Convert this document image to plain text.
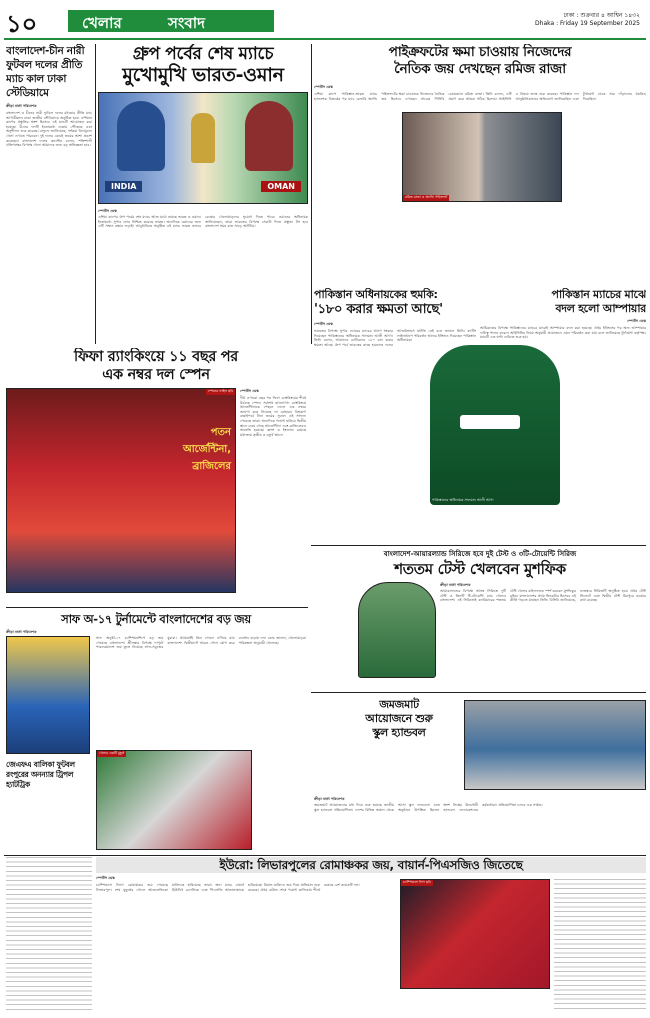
১০	খেলার	সংবাদ	ঢাকা : শুক্রবার ৪ আশ্বিন ১৪৩২
Dhaka : Friday 19 September 2025
বাংলাদেশ-চীন নারী ফুটবল দলের প্রীতি ম্যাচ কাল ঢাকা স্টেডিয়ামে
ক্রীড়া বার্তা পরিবেশক
বাংলাদেশ ও চীনের নারী ফুটবল দলের মধ্যকার প্রীতি ম্যাচ আগামীকাল ঢাকা জাতীয় স্টেডিয়ামে অনুষ্ঠিত হবে। এশিয়ান কাপের প্রস্তুতির অংশ হিসেবে এই ম্যাচটি আয়োজন করা হয়েছে। চীনের দলটি ইতোমধ্যে ঢাকায় পৌঁছেছে এবং অনুশীলন শুরু করেছে। বাফুফে জানিয়েছে, দর্শকরা বিনামূল্যে খেলা দেখতে পারবেন। দুই দলের কোচই জয়ের আশা প্রকাশ করেছেন। বাংলাদেশ দলের ক্যাপ্টেন বলেন, শক্তিশালী প্রতিপক্ষের বিপক্ষে খেলা আমাদের জন্য বড় অভিজ্ঞতা হবে।
গ্রুপ পর্বের শেষ ম্যাচে
মুখোমুখি ভারত-ওমান
INDIA	OMAN
স্পোর্টস ডেস্ক
এশিয়া কাপের গ্রুপ পর্বের শেষ ম্যাচে আজ মাঠে নামছে ভারত ও ওমান। ইতোমধ্যে সুপার ফোর নিশ্চিত করেছে ভারত। অন্যদিকে ওমানের জন্য এটি সম্মান রক্ষার লড়াই। আবুধাবিতে অনুষ্ঠিত এই ম্যাচে ভারত তাদের বেঞ্চের খেলোয়াড়দের সুযোগ দিতে পারে। ওমানের অধিনায়ক জানিয়েছেন, তারা ভারতের বিপক্ষে সেরাটা দিতে প্রস্তুত। টস হবে বাংলাদেশ সময় রাত সাড়ে আটটায়।
পাইক্রফটের ক্ষমা চাওয়ায় নিজেদের
নৈতিক জয় দেখছেন রমিজ রাজা
স্পোর্টস ডেস্ক
এশিয়া কাপে পাকিস্তান-ভারত ম্যাচে হ্যান্ডশেক বিতর্কের পর ম্যাচ রেফারি অ্যান্ডি পাইক্রফটের ক্ষমা চাওয়াকে নিজেদের নৈতিক জয় হিসেবে দেখছেন সাবেক পিসিবি চেয়ারম্যান রমিজ রাজা। তিনি বলেন, এটি প্রমাণ করে আমরা সঠিক ছিলাম। আইসিসি এ বিষয়ে তদন্ত শুরু করেছে। পাকিস্তান দল আনুষ্ঠানিকভাবে অভিযোগ জানিয়েছিল এবং টুর্নামেন্ট থেকে সরে দাঁড়ানোর হুমকিও দিয়েছিল।
রমিজ রাজা ও অ্যান্ডি পাইক্রফট
পাকিস্তান অধিনায়কের হুমকি:
'১৮০ করার ক্ষমতা আছে'
স্পোর্টস ডেস্ক
ভারতের বিপক্ষে সুপার ফোরের ম্যাচের আগে হুংকার দিয়েছেন পাকিস্তানের অধিনায়ক সালমান আলী আগা। তিনি বলেন, আমাদের ব্যাটারদের ১৮০ রান করার ক্ষমতা আছে। গ্রুপ পর্বে ভারতের কাছে হারলেও দলের আত্মবিশ্বাসে ঘাটতি নেই বলে জানান তিনি। ব্যাটিং লাইনআপে পরিবর্তন আনার ইঙ্গিতও দিয়েছেন পাকিস্তান অধিনায়ক।
পাকিস্তান ম্যাচের মাঝে
বদল হলো আম্পায়ার
স্পোর্টস ডেস্ক
আমিরাতের বিপক্ষে পাকিস্তানের ম্যাচের মাঝেই আম্পায়ার বদল করা হয়েছে। প্রথম ইনিংসের পর অন্য আম্পায়ার দায়িত্ব পালন করেন। আইসিসির নিয়ম অনুযায়ী প্রয়োজনে এমন পরিবর্তন করা যায় বলে জানিয়েছে টুর্নামেন্ট কর্তৃপক্ষ। ম্যাচটি এক ঘণ্টা দেরিতে শুরু হয়।
পাকিস্তানের অধিনায়ক সালমান আলী আগা
ফিফা র‍্যাংকিংয়ে ১১ বছর পর
এক নম্বর দল স্পেন
স্পেনের ফাইল ছবি
পতন
আর্জেন্টিনা,
ব্রাজিলের
স্পোর্টস ডেস্ক
দীর্ঘ এগারো বছর পর ফিফা র‍্যাংকিংয়ের শীর্ষে উঠেছে স্পেন। সর্বশেষ হালনাগাদ র‍্যাংকিংয়ে আর্জেন্টিনাকে পেছনে ফেলে এক নম্বরে জায়গা করে নিয়েছে লা রোহারা। বিশ্বকাপ বাছাইপর্বে টানা জয়ের সুবাদে এই সাফল্য পেয়েছে তারা। অন্যদিকে পয়েন্ট হারিয়ে দ্বিতীয় স্থানে নেমে গেছে আর্জেন্টিনা এবং ব্রাজিলেরও অবনতি হয়েছে। ফ্রান্স ও ইংল্যান্ড রয়েছে যথাক্রমে তৃতীয় ও চতুর্থ স্থানে।
বাংলাদেশ-আয়ারল্যান্ড সিরিজে হবে দুই টেস্ট ও ৩টি-টোয়েন্টি সিরিজ
শততম টেস্ট খেলবেন মুশফিক
ক্রীড়া বার্তা পরিবেশক
আয়ারল্যান্ডের বিপক্ষে আসন্ন সিরিজে দুটি টেস্ট ও তিনটি টি-টোয়েন্টি ম্যাচ খেলবে বাংলাদেশ। এই সিরিজেই ক্যারিয়ারের শততম টেস্ট খেলার মাইলফলক স্পর্শ করবেন মুশফিকুর রহিম। বাংলাদেশের প্রথম ক্রিকেটার হিসেবে এই কীর্তি গড়তে যাচ্ছেন তিনি। বিসিবি জানিয়েছে, নভেম্বরে সিরিজটি অনুষ্ঠিত হবে। প্রথম টেস্ট সিলেটে এবং দ্বিতীয় টেস্ট মিরপুরে হওয়ার কথা রয়েছে।
সাফ অ-১৭ টুর্নামেন্টে বাংলাদেশের বড় জয়
ক্রীড়া বার্তা পরিবেশক
জেএফএ বালিকা ফুটবল রংপুরের অনন্যার ট্রিপল হ্যাটট্রিক
সাফ অনূর্ধ্ব-১৭ চ্যাম্পিয়নশিপে বড় জয় পেয়েছে বাংলাদেশ। শ্রীলঙ্কার বিপক্ষে দাপুটে পারফরম্যান্সে জয় তুলে নিয়েছে লাল-সবুজের যুবারা। প্রথমার্ধেই তিন গোলে এগিয়ে যায় বাংলাদেশ। দ্বিতীয়ার্ধে আরও গোল যোগ করে ব্যবধান বাড়ায় দল। কোচ জানান, খেলোয়াড়রা পরিকল্পনা অনুযায়ী খেলেছে।
খেলার একটি মুহূর্ত
জমজমাট
আয়োজনে শুরু
স্কুল হ্যান্ডবল
ক্রীড়া বার্তা পরিবেশক
জমজমাট আয়োজনের মধ্য দিয়ে শুরু হয়েছে জাতীয় স্কুল হ্যান্ডবল প্রতিযোগিতা। দেশের বিভিন্ন অঞ্চল থেকে আসা স্কুল দলগুলো এতে অংশ নিচ্ছে। উদ্বোধনী অনুষ্ঠানে উপস্থিত ছিলেন হ্যান্ডবল ফেডারেশনের কর্মকর্তারা। প্রতিযোগিতা চলবে এক সপ্তাহ।
ইউরো: লিভারপুলের রোমাঞ্চকর জয়, বায়ার্ন-পিএসজিও জিতেছে
স্পোর্টস ডেস্ক
চ্যাম্পিয়নস লিগে রোমাঞ্চকর জয় পেয়েছে লিভারপুল। শেষ মুহূর্তের গোলে আতলেতিকো মাদ্রিদকে হারিয়েছে তারা। অন্য ম্যাচে বায়ার্ন মিউনিখ চেলসিকে এবং পিএসজি আতালান্তাকে হারিয়েছে। রিয়াল মাদ্রিদও জয় দিয়ে অভিযান শুরু করেছে। প্রথম রাউন্ড শেষে পয়েন্ট তালিকায় শীর্ষে রয়েছে বেশ কয়েকটি দল।
চ্যাম্পিয়নস লিগ ছবি
